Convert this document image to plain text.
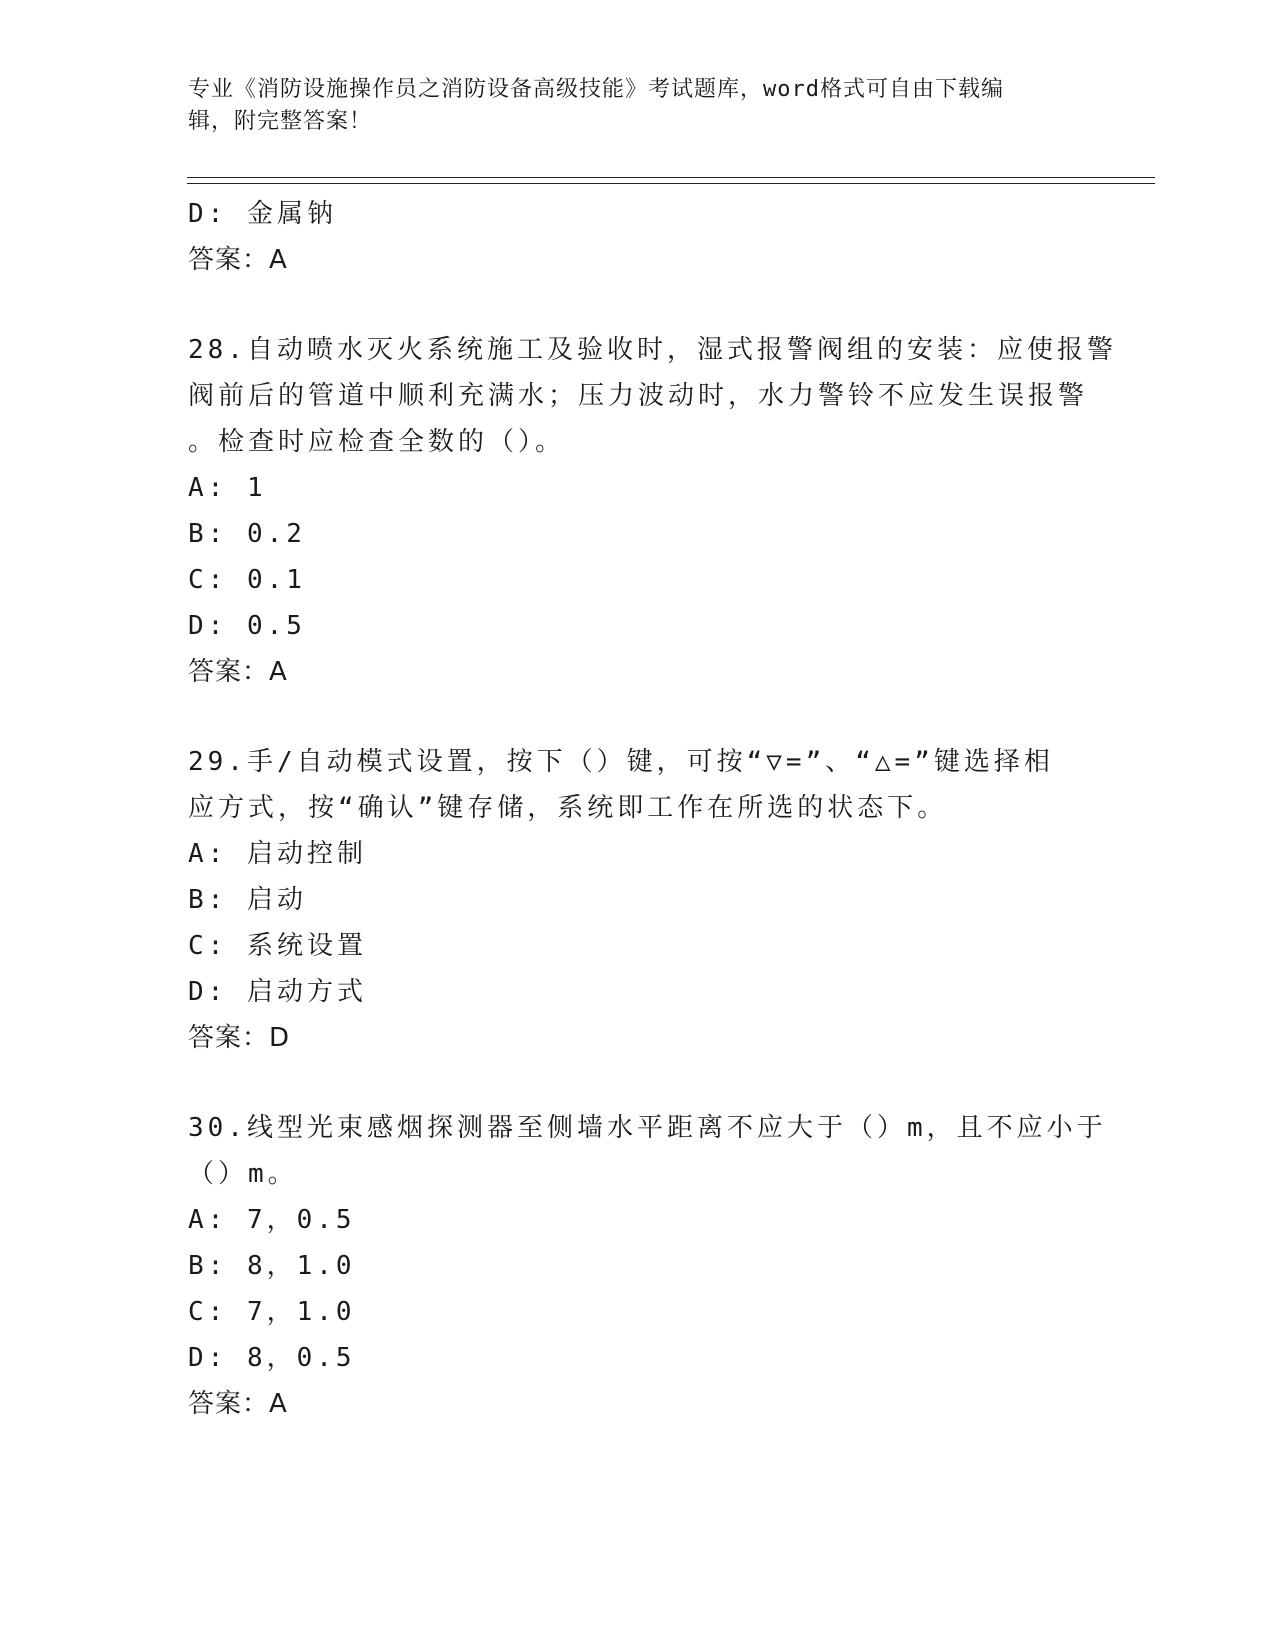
专业《消防设施操作员之消防设备高级技能》考试题库，word格式可自由下载编
辑，附完整答案！
D: 金属钠
答案：A
28.自动喷水灭火系统施工及验收时，湿式报警阀组的安装：应使报警
阀前后的管道中顺利充满水；压力波动时，水力警铃不应发生误报警
。检查时应检查全数的（）。
A: 1
B: 0.2
C: 0.1
D: 0.5
答案：A
29.手/自动模式设置，按下（）键，可按“▽=”、“△=”键选择相
应方式，按“确认”键存储，系统即工作在所选的状态下。
A: 启动控制
B: 启动
C: 系统设置
D: 启动方式
答案：D
30.线型光束感烟探测器至侧墙水平距离不应大于（）m，且不应小于
（）m。
A: 7，0.5
B: 8，1.0
C: 7，1.0
D: 8，0.5
答案：A
